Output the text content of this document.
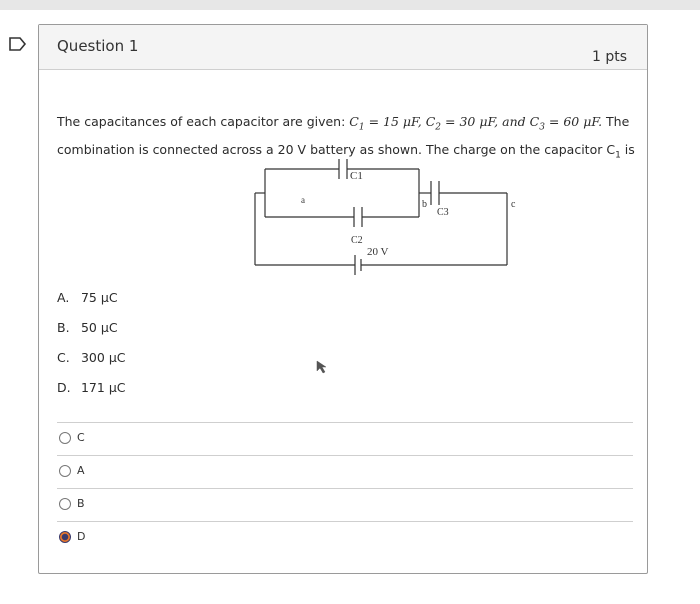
Question 1
1 pts
The capacitances of each capacitor are given: $C_1 = 15$ μF, $C_2 = 30$ μF, and $C_3 = 60$ μF. The combination is connected across a 20 V battery as shown. The charge on the capacitor $C_1$ is
C1
C2
C3
a	b	c
20 V
A. 75 μC
B. 50 μC
C. 300 μC
D. 171 μC
C
A
B
D
